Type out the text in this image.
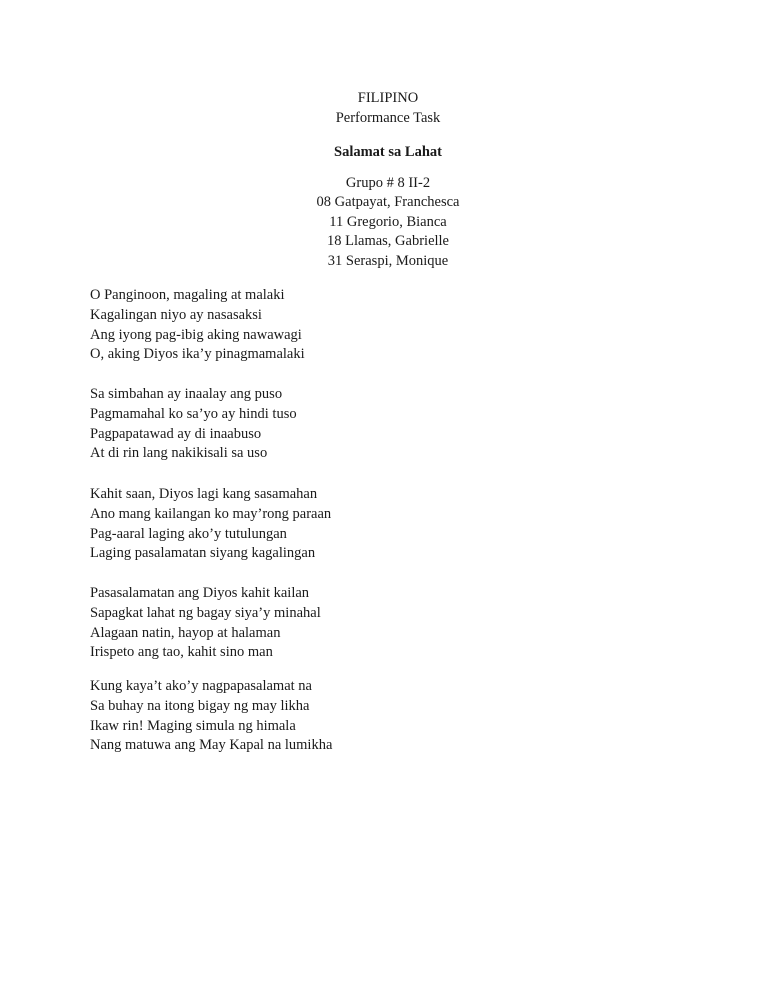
FILIPINO
Performance Task
Salamat sa Lahat
Grupo # 8 II-2
08 Gatpayat, Franchesca
11 Gregorio, Bianca
18 Llamas, Gabrielle
31 Seraspi, Monique
O Panginoon, magaling at malaki
Kagalingan niyo ay nasasaksi
Ang iyong pag-ibig aking nawawagi
O, aking Diyos ika’y pinagmamalaki
Sa simbahan ay inaalay ang puso
Pagmamahal ko sa’yo ay hindi tuso
Pagpapatawad ay di inaabuso
At di rin lang nakikisali sa uso
Kahit saan, Diyos lagi kang sasamahan
Ano mang kailangan ko may’rong paraan
Pag-aaral laging ako’y tutulungan
Laging pasalamatan siyang kagalingan
Pasasalamatan ang Diyos kahit kailan
Sapagkat lahat ng bagay siya’y minahal
Alagaan natin, hayop at halaman
Irispeto ang tao, kahit sino man
Kung kaya’t ako’y nagpapasalamat na
Sa buhay na itong bigay ng may likha
Ikaw rin! Maging simula ng himala
Nang matuwa ang May Kapal na lumikha
